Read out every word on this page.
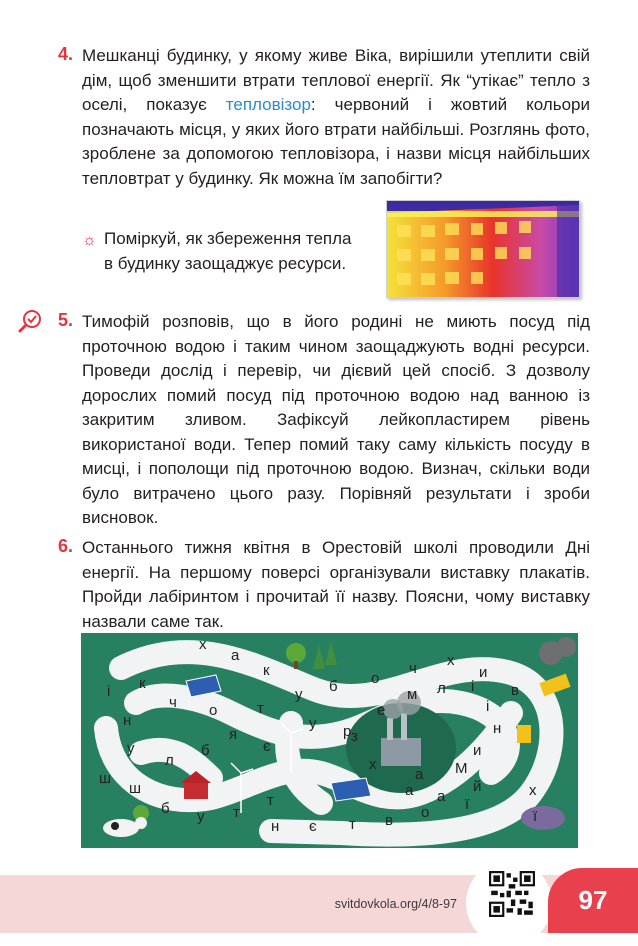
4. Мешканці будинку, у якому живе Віка, вирішили утеплити свій дім, щоб зменшити втрати теплової енергії. Як “утікає” тепло з оселі, показує тепловізор: червоний і жовтий кольори позначають місця, у яких його втрати найбільші. Розглянь фото, зроблене за допомогою тепловізора, і назви місця найбільших тепловтрат у будинку. Як можна їм запобігти?

☼ Поміркуй, як збереження тепла в будинку заощаджує ресурси.

5. Тимофій розповів, що в його родині не миють посуд під проточною водою і таким чином заощаджують водні ресурси. Проведи дослід і перевір, чи дієвий цей спосіб. З дозволу дорослих помий посуд під проточною водою над ванною із закритим зливом. Зафіксуй лейкопластирем рівень використаної води. Тепер помий таку саму кількість посуду в мисці, і пополощи під проточною водою. Визнач, скільки води було витрачено цього разу. Порівняй результати і зроби висновок.

6. Останнього тижня квітня в Орестовій школі проводили Дні енергії. На першому поверсі організували виставку плакатів. Пройди лабіринтом і прочитай її назву. Поясни, чому виставку назвали саме так.

х
а
к
і к
ч о	т
у б о
ч х
и
в
і
н	у р
е
м л і
н
я
б	є
з
л
у
х
а М
и
ш
ш	а а
й
б у т
т
н є т в о ї
х
ї
svitdovkola.org/4/8-97	97
